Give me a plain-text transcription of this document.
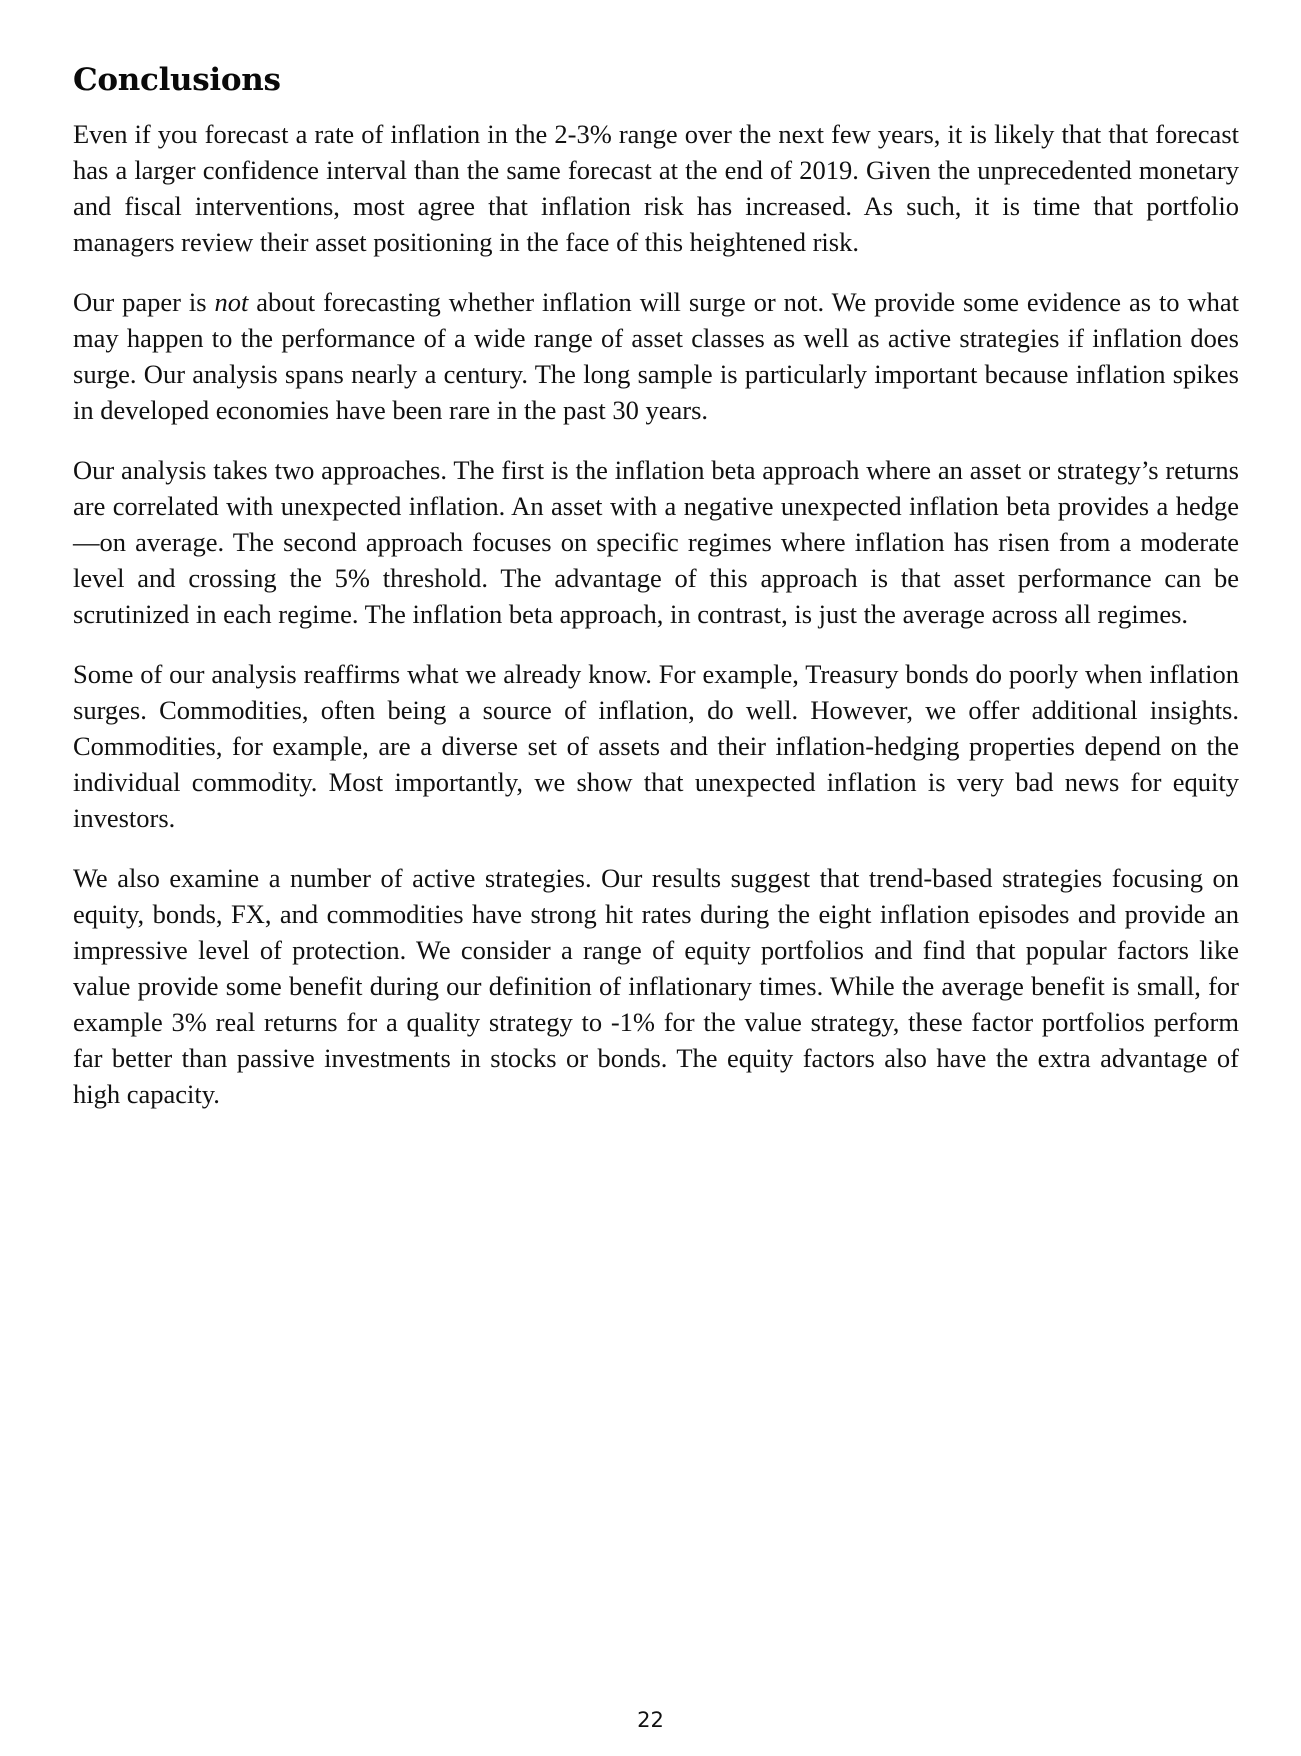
Conclusions

Even if you forecast a rate of inflation in the 2-3% range over the next few years, it is likely that that forecast has a larger confidence interval than the same forecast at the end of 2019. Given the unprecedented monetary and fiscal interventions, most agree that inflation risk has increased. As such, it is time that portfolio managers review their asset positioning in the face of this heightened risk.

Our paper is not about forecasting whether inflation will surge or not. We provide some evidence as to what may happen to the performance of a wide range of asset classes as well as active strategies if inflation does surge. Our analysis spans nearly a century. The long sample is particularly important because inflation spikes in developed economies have been rare in the past 30 years.

Our analysis takes two approaches. The first is the inflation beta approach where an asset or strategy’s returns are correlated with unexpected inflation. An asset with a negative unexpected inflation beta provides a hedge—on average. The second approach focuses on specific regimes where inflation has risen from a moderate level and crossing the 5% threshold. The advantage of this approach is that asset performance can be scrutinized in each regime. The inflation beta approach, in contrast, is just the average across all regimes.

Some of our analysis reaffirms what we already know. For example, Treasury bonds do poorly when inflation surges. Commodities, often being a source of inflation, do well. However, we offer additional insights. Commodities, for example, are a diverse set of assets and their inflation-hedging properties depend on the individual commodity. Most importantly, we show that unexpected inflation is very bad news for equity investors.

We also examine a number of active strategies. Our results suggest that trend-based strategies focusing on equity, bonds, FX, and commodities have strong hit rates during the eight inflation episodes and provide an impressive level of protection. We consider a range of equity portfolios and find that popular factors like value provide some benefit during our definition of inflationary times. While the average benefit is small, for example 3% real returns for a quality strategy to -1% for the value strategy, these factor portfolios perform far better than passive investments in stocks or bonds. The equity factors also have the extra advantage of high capacity.

22
